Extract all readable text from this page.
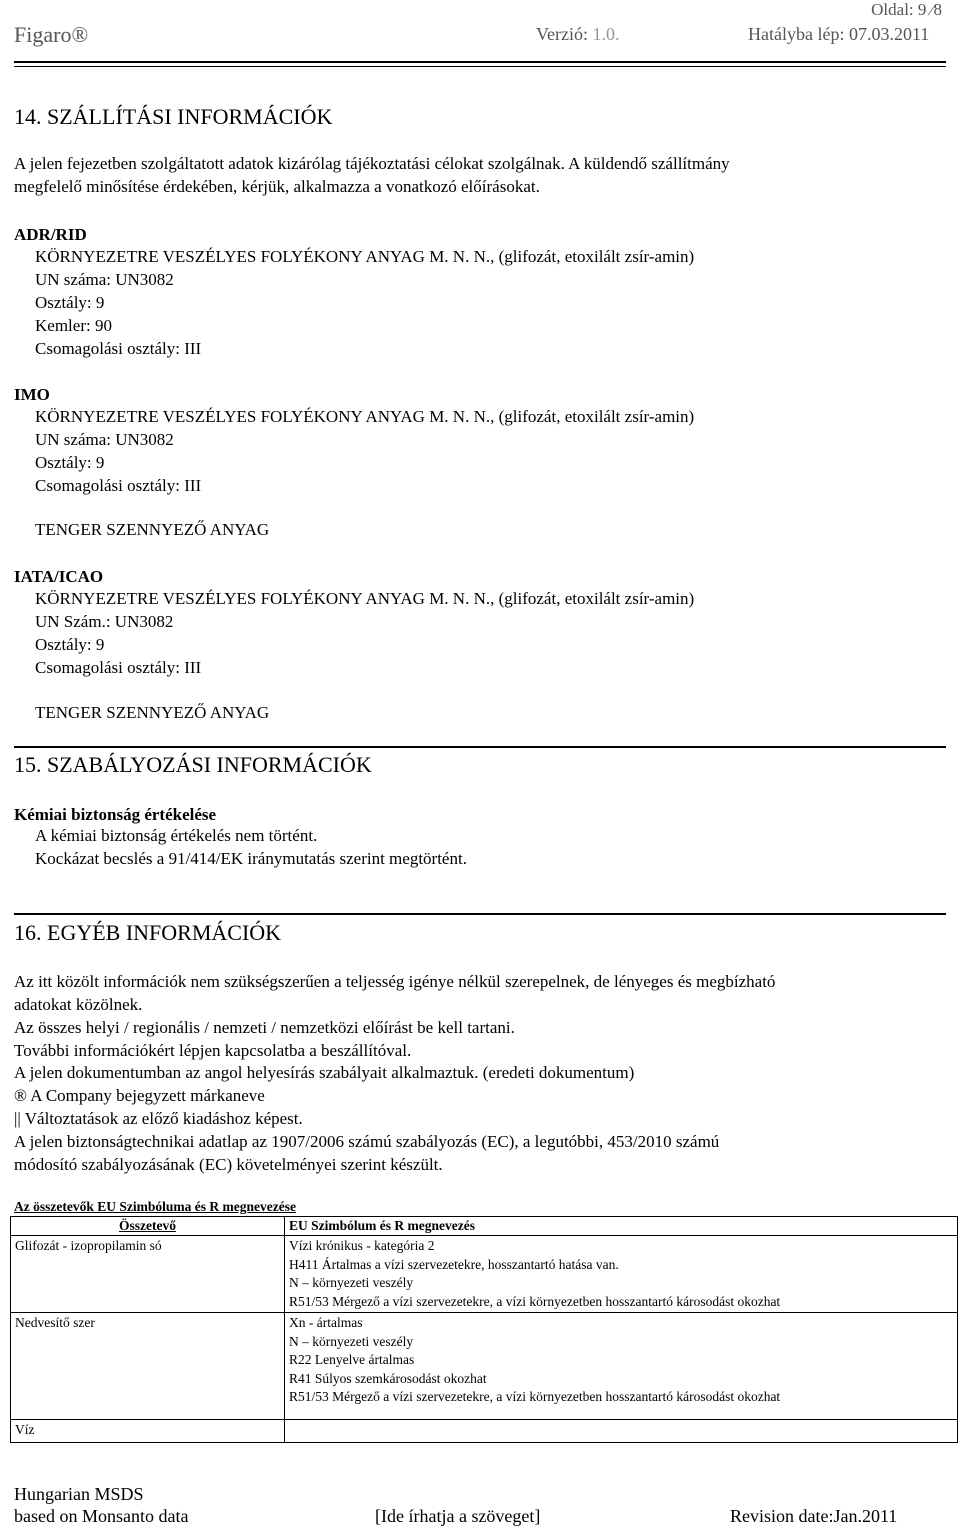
Oldal: 9 ⁄8
Figaro®	Verzió: 1.0.	Hatályba lép: 07.03.2011
14. SZÁLLÍTÁSI INFORMÁCIÓK
A jelen fejezetben szolgáltatott adatok kizárólag tájékoztatási célokat szolgálnak. A küldendő szállítmány
megfelelő minősítése érdekében, kérjük, alkalmazza a vonatkozó előírásokat.
ADR/RID
KÖRNYEZETRE VESZÉLYES FOLYÉKONY ANYAG M. N. N., (glifozát, etoxilált zsír-amin)
UN száma: UN3082
Osztály: 9
Kemler: 90
Csomagolási osztály: III
IMO
KÖRNYEZETRE VESZÉLYES FOLYÉKONY ANYAG M. N. N., (glifozát, etoxilált zsír-amin)
UN száma: UN3082
Osztály: 9
Csomagolási osztály: III
TENGER SZENNYEZŐ ANYAG
IATA/ICAO
KÖRNYEZETRE VESZÉLYES FOLYÉKONY ANYAG M. N. N., (glifozát, etoxilált zsír-amin)
UN Szám.: UN3082
Osztály: 9
Csomagolási osztály: III
TENGER SZENNYEZŐ ANYAG
15. SZABÁLYOZÁSI INFORMÁCIÓK
Kémiai biztonság értékelése
A kémiai biztonság értékelés nem történt.
Kockázat becslés a 91/414/EK iránymutatás szerint megtörtént.
16. EGYÉB INFORMÁCIÓK
Az itt közölt információk nem szükségszerűen a teljesség igénye nélkül szerepelnek, de lényeges és megbízható
adatokat közölnek.
Az összes helyi / regionális / nemzeti / nemzetközi előírást be kell tartani.
További információkért lépjen kapcsolatba a beszállítóval.
A jelen dokumentumban az angol helyesírás szabályait alkalmaztuk. (eredeti dokumentum)
® A Company bejegyzett márkaneve
|| Változtatások az előző kiadáshoz képest.
A jelen biztonságtechnikai adatlap az 1907/2006 számú szabályozás (EC), a legutóbbi, 453/2010 számú
módosító szabályozásának (EC) követelményei szerint készült.
Az összetevők EU Szimbóluma és R megnevezése
Összetevő	EU Szimbólum és R megnevezés
Glifozát - izopropilamin só	Vízi krónikus - kategória 2
H411 Ártalmas a vízi szervezetekre, hosszantartó hatása van.
N – környezeti veszély
R51/53 Mérgező a vízi szervezetekre, a vízi környezetben hosszantartó károsodást okozhat

Nedvesítő szer	Xn - ártalmas
N – környezeti veszély
R22 Lenyelve ártalmas
R41 Súlyos szemkárosodást okozhat
R51/53 Mérgező a vízi szervezetekre, a vízi környezetben hosszantartó károsodást okozhat

Víz	
Hungarian MSDS
based on Monsanto data	[Ide írhatja a szöveget]	Revision date:Jan.2011
